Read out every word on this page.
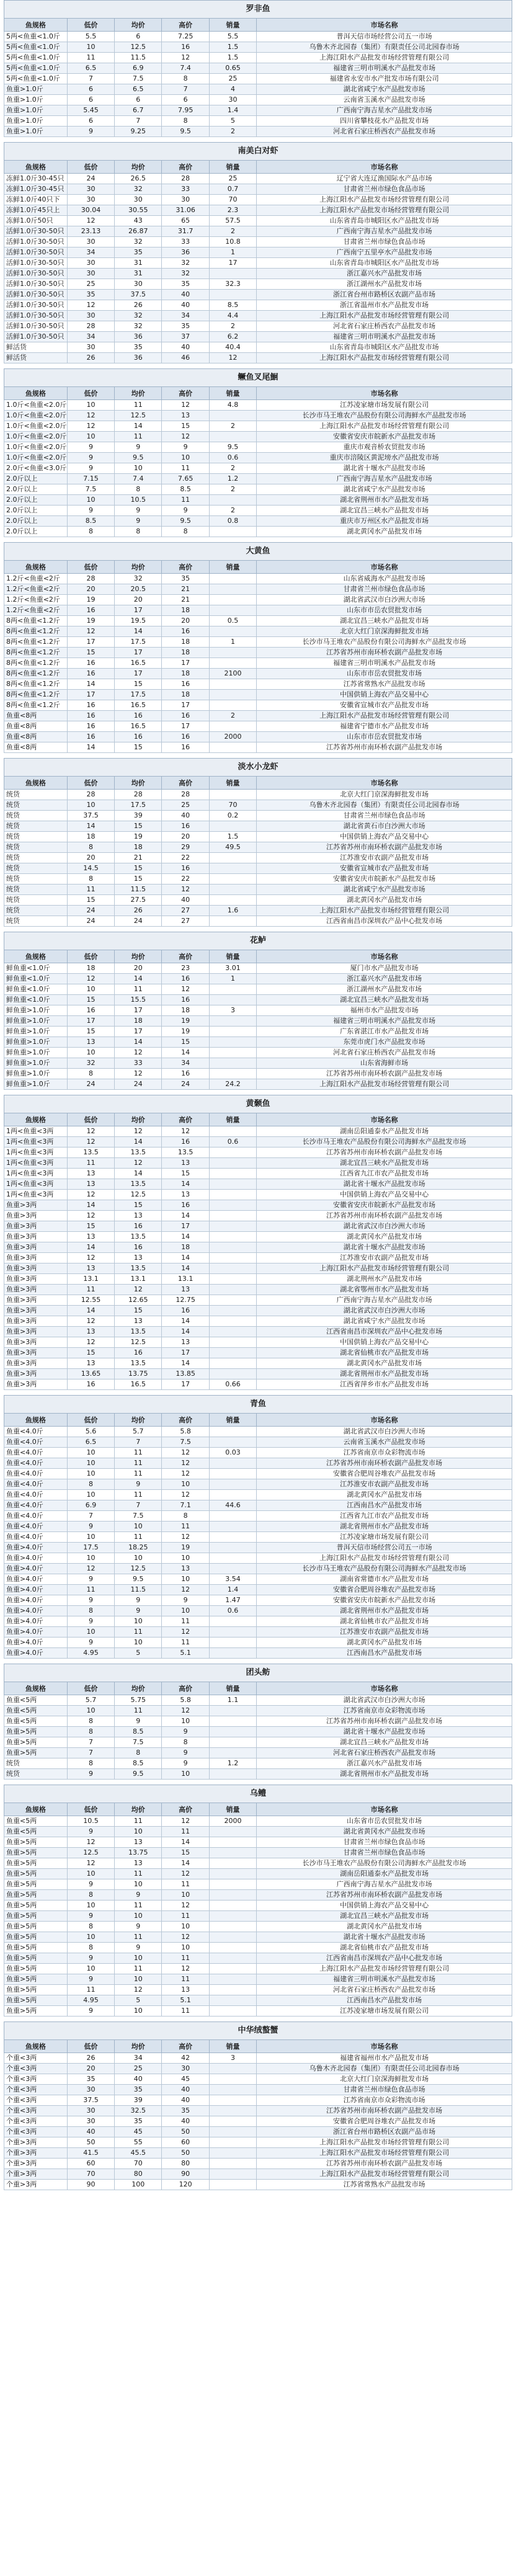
罗非鱼
鱼规格	低价	均价	高价	销量	市场名称
5两<鱼重<1.0斤	5.5	6	7.25	5.5	普洱天信市场经营公司五一市场
5两<鱼重<1.0斤	10	12.5	16	1.5	乌鲁木齐北园春（集团）有限责任公司北园春市场
5两<鱼重<1.0斤	11	11.5	12	1.5	上海江阳水产品批发市场经营管理有限公司
5两<鱼重<1.0斤	6.5	6.9	7.4	0.65	福建省三明市明溪水产品批发市场
5两<鱼重<1.0斤	7	7.5	8	25	福建省永安市水产批发市场有限公司
鱼重>1.0斤	6	6.5	7	4	湖北省咸宁水产品批发市场
鱼重>1.0斤	6	6	6	30	云南省玉溪水产品批发市场
鱼重>1.0斤	5.45	6.7	7.95	1.4	广西南宁海吉星水产品批发市场
鱼重>1.0斤	6	7	8	5	四川省攀枝花水产品批发市场
鱼重>1.0斤	9	9.25	9.5	2	河北省石家庄桥西农产品批发市场
南美白对虾
鱼规格	低价	均价	高价	销量	市场名称
冻鲜1.0斤30-45只	24	26.5	28	25	辽宁省大连辽渔国际水产品市场
冻鲜1.0斤30-45只	30	32	33	0.7	甘肃省兰州市绿色食品市场
冻鲜1.0斤40只下	30	30	30	70	上海江阳水产品批发市场经营管理有限公司
冻鲜1.0斤45只上	30.04	30.55	31.06	2.3	上海江阳水产品批发市场经营管理有限公司
冻鲜1.0斤50只	12	43	65	57.5	山东省青岛市城阳区水产品批发市场
活鲜1.0斤30-50只	23.13	26.87	31.7	2	广西南宁海吉星水产品批发市场
活鲜1.0斤30-50只	30	32	33	10.8	甘肃省兰州市绿色食品市场
活鲜1.0斤30-50只	34	35	36	1	广西南宁五里亭水产品批发市场
活鲜1.0斤30-50只	30	31	32	17	山东省青岛市城阳区水产品批发市场
活鲜1.0斤30-50只	30	31	32		浙江嘉兴水产品批发市场
活鲜1.0斤30-50只	25	30	35	32.3	浙江湖州水产品批发市场
活鲜1.0斤30-50只	35	37.5	40		浙江省台州市路桥区农副产品市场
活鲜1.0斤30-50只	12	26	40	8.5	浙江省温州市水产品批发市场
活鲜1.0斤30-50只	30	32	34	4.4	上海江阳水产品批发市场经营管理有限公司
活鲜1.0斤30-50只	28	32	35	2	河北省石家庄桥西农产品批发市场
活鲜1.0斤30-50只	34	36	37	6.2	福建省三明市明溪水产品批发市场
鲜活货	30	35	40	40.4	山东省青岛市城阳区水产品批发市场
鲜活货	26	36	46	12	上海江阳水产品批发市场经营管理有限公司
鳜鱼叉尾鮰
鱼规格	低价	均价	高价	销量	市场名称
1.0斤<鱼重<2.0斤	10	11	12	4.8	江苏凌家塘市场发展有限公司
1.0斤<鱼重<2.0斤	12	12.5	13		长沙市马王堆农产品股份有限公司海鲜水产品批发市场
1.0斤<鱼重<2.0斤	12	14	15	2	上海江阳水产品批发市场经营管理有限公司
1.0斤<鱼重<2.0斤	10	11	12		安徽省安庆市皖新水产品批发市场
1.0斤<鱼重<2.0斤	9	9	9	9.5	重庆市观音桥农贸批发市场
1.0斤<鱼重<2.0斤	9	9.5	10	0.6	重庆市涪陵区黄泥塝水产品批发市场
2.0斤<鱼重<3.0斤	9	10	11	2	湖北省十堰水产品批发市场
2.0斤以上	7.15	7.4	7.65	1.2	广西南宁海吉星水产品批发市场
2.0斤以上	7.5	8	8.5	2	湖北省咸宁水产品批发市场
2.0斤以上	10	10.5	11		湖北省荆州市水产品批发市场
2.0斤以上	9	9	9	2	湖北宜昌三峡水产品批发市场
2.0斤以上	8.5	9	9.5	0.8	重庆市万州区水产品批发市场
2.0斤以上	8	8	8		湖北黄冈水产品批发市场
大黄鱼
鱼规格	低价	均价	高价	销量	市场名称
1.2斤<鱼重<2斤	28	32	35		山东省威海水产品批发市场
1.2斤<鱼重<2斤	20	20.5	21		甘肃省兰州市绿色食品市场
1.2斤<鱼重<2斤	19	20	21		湖北省武汉市白沙洲大市场
1.2斤<鱼重<2斤	16	17	18		山东市市岳农贸批发市场
8两<鱼重<1.2斤	19	19.5	20	0.5	湖北宜昌三峡水产品批发市场
8两<鱼重<1.2斤	12	14	16		北京大红门京深海鲜批发市场
8两<鱼重<1.2斤	17	17.5	18	1	长沙市马王堆农产品股份有限公司海鲜水产品批发市场
8两<鱼重<1.2斤	15	17	18		江苏省苏州市南环桥农副产品批发市场
8两<鱼重<1.2斤	16	16.5	17		福建省三明市明溪水产品批发市场
8两<鱼重<1.2斤	16	17	18	2100	山东市市岳农贸批发市场
8两<鱼重<1.2斤	14	15	16		江苏省常熟水产品批发市场
8两<鱼重<1.2斤	17	17.5	18		中国供销上海农产品交易中心
8两<鱼重<1.2斤	16	16.5	17		安徽省宣城市农产品批发市场
鱼重<8两	16	16	16	2	上海江阳水产品批发市场经营管理有限公司
鱼重<8两	16	16.5	17		福建省宁德市水产品批发市场
鱼重<8两	16	16	16	2000	山东市市岳农贸批发市场
鱼重<8两	14	15	16		江苏省苏州市南环桥农副产品批发市场
淡水小龙虾
鱼规格	低价	均价	高价	销量	市场名称
统货	28	28	28		北京大红门京深海鲜批发市场
统货	10	17.5	25	70	乌鲁木齐北园春（集团）有限责任公司北园春市场
统货	37.5	39	40	0.2	甘肃省兰州市绿色食品市场
统货	14	15	16		湖北省黄石市白沙洲大市场
统货	18	19	20	1.5	中国供销上海农产品交易中心
统货	8	18	29	49.5	江苏省苏州市南环桥农副产品批发市场
统货	20	21	22		江苏淮安市农副产品批发市场
统货	14.5	15	16		安徽省宣城市农产品批发市场
统货	8	15	22		安徽省安庆市皖新水产品批发市场
统货	11	11.5	12		湖北省咸宁水产品批发市场
统货	15	27.5	40		湖北黄冈水产品批发市场
统货	24	26	27	1.6	上海江阳水产品批发市场经营管理有限公司
统货	24	24	27		江西省南昌市深圳农产品中心批发市场
花鲈
鱼规格	低价	均价	高价	销量	市场名称
鲜鱼重<1.0斤	18	20	23	3.01	厦门市水产品批发市场
鲜鱼重<1.0斤	12	14	16	1	浙江嘉兴水产品批发市场
鲜鱼重<1.0斤	10	11	12		浙江湖州水产品批发市场
鲜鱼重<1.0斤	15	15.5	16		湖北宜昌三峡水产品批发市场
鲜鱼重>1.0斤	16	17	18	3	福州市水产品批发市场
鲜鱼重>1.0斤	17	18	19		福建省三明市明溪水产品批发市场
鲜鱼重>1.0斤	15	17	19		广东省湛江市水产品批发市场
鲜鱼重>1.0斤	13	14	15		东莞市虎门水产品批发市场
鲜鱼重>1.0斤	10	12	14		河北省石家庄桥西农产品批发市场
鲜鱼重>1.0斤	32	33	34		山东省海鲜市场
鲜鱼重>1.0斤	8	12	16		江苏省苏州市南环桥农副产品批发市场
鲜鱼重>1.0斤	24	24	24	24.2	上海江阳水产品批发市场经营管理有限公司
黄颡鱼
鱼规格	低价	均价	高价	销量	市场名称
1两<鱼重<3两	12	12	12		湖南岳阳通泰水产品批发市场
1两<鱼重<3两	12	14	16	0.6	长沙市马王堆农产品股份有限公司海鲜水产品批发市场
1两<鱼重<3两	13.5	13.5	13.5		江苏省苏州市南环桥农副产品批发市场
1两<鱼重<3两	11	12	13		湖北宜昌三峡水产品批发市场
1两<鱼重<3两	13	14	15		江西省九江市农产品批发市场
1两<鱼重<3两	13	13.5	14		湖北省十堰水产品批发市场
1两<鱼重<3两	12	12.5	13		中国供销上海农产品交易中心
鱼重>3两	14	15	16		安徽省安庆市皖新水产品批发市场
鱼重>3两	12	13	14		江苏省苏州市南环桥农副产品批发市场
鱼重>3两	15	16	17		湖北省武汉市白沙洲大市场
鱼重>3两	13	13.5	14		湖北黄冈水产品批发市场
鱼重>3两	14	16	18		湖北省十堰水产品批发市场
鱼重>3两	12	13	14		江苏淮安市农副产品批发市场
鱼重>3两	13	13.5	14		上海江阳水产品批发市场经营管理有限公司
鱼重>3两	13.1	13.1	13.1		湖北荆州水产品批发市场
鱼重>3两	11	12	13		湖北省鄂州市水产品批发市场
鱼重>3两	12.55	12.65	12.75		广西南宁海吉星水产品批发市场
鱼重>3两	14	15	16		湖北省武汉市白沙洲大市场
鱼重>3两	12	13	14		湖北省咸宁水产品批发市场
鱼重>3两	13	13.5	14		江西省南昌市深圳农产品中心批发市场
鱼重>3两	12	12.5	13		中国供销上海农产品交易中心
鱼重>3两	15	16	17		湖北省仙桃市农产品批发市场
鱼重>3两	13	13.5	14		湖北黄冈水产品批发市场
鱼重>3两	13.65	13.75	13.85		湖北省荆州市水产品批发市场
鱼重>3两	16	16.5	17	0.66	江西省萍乡市水产品批发市场
青鱼
鱼规格	低价	均价	高价	销量	市场名称
鱼重<4.0斤	5.6	5.7	5.8		湖北省武汉市白沙洲大市场
鱼重<4.0斤	6.5	7	7.5		云南省玉溪水产品批发市场
鱼重<4.0斤	10	11	12	0.03	江苏省南京市众彩物流市场
鱼重<4.0斤	10	11	12		江苏省苏州市南环桥农副产品批发市场
鱼重<4.0斤	10	11	12		安徽省合肥周谷堆农产品批发市场
鱼重<4.0斤	8	9	10		江苏淮安市农副产品批发市场
鱼重<4.0斤	10	11	12		湖北黄冈水产品批发市场
鱼重<4.0斤	6.9	7	7.1	44.6	江西南昌水产品批发市场
鱼重<4.0斤	7	7.5	8		江西省九江市农产品批发市场
鱼重<4.0斤	9	10	11		湖北省荆州市水产品批发市场
鱼重<4.0斤	10	11	12		江苏凌家塘市场发展有限公司
鱼重>4.0斤	17.5	18.25	19		普洱天信市场经营公司五一市场
鱼重>4.0斤	10	10	10		上海江阳水产品批发市场经营管理有限公司
鱼重>4.0斤	12	12.5	13		长沙市马王堆农产品股份有限公司海鲜水产品批发市场
鱼重>4.0斤	9	9.5	10	3.54	湖南省常德市水产品批发市场
鱼重>4.0斤	11	11.5	12	1.4	安徽省合肥周谷堆农产品批发市场
鱼重>4.0斤	9	9	9	1.47	安徽省安庆市皖新水产品批发市场
鱼重>4.0斤	8	9	10	0.6	湖北省荆州市水产品批发市场
鱼重>4.0斤	9	10	11		湖北省仙桃市农产品批发市场
鱼重>4.0斤	10	11	12		江苏淮安市农副产品批发市场
鱼重>4.0斤	9	10	11		湖北黄冈水产品批发市场
鱼重>4.0斤	4.95	5	5.1		江西南昌水产品批发市场
团头鲂
鱼规格	低价	均价	高价	销量	市场名称
鱼重<5两	5.7	5.75	5.8	1.1	湖北省武汉市白沙洲大市场
鱼重<5两	10	11	12		江苏省南京市众彩物流市场
鱼重<5两	8	9	10		江苏省苏州市南环桥农副产品批发市场
鱼重>5两	8	8.5	9		湖北省十堰水产品批发市场
鱼重>5两	7	7.5	8		湖北宜昌三峡水产品批发市场
鱼重>5两	7	8	9		河北省石家庄桥西农产品批发市场
统货	8	8.5	9	1.2	浙江嘉兴水产品批发市场
统货	9	9.5	10		湖北省荆州市水产品批发市场
乌鳢
鱼规格	低价	均价	高价	销量	市场名称
鱼重<5两	10.5	11	12	2000	山东省市岳农贸批发市场
鱼重<5两	9	10	11		湖北省黄冈水产品批发市场
鱼重>5两	12	13	14		甘肃省兰州市绿色食品市场
鱼重>5两	12.5	13.75	15		甘肃省兰州市绿色食品市场
鱼重>5两	12	13	14		长沙市马王堆农产品股份有限公司海鲜水产品批发市场
鱼重>5两	10	11	12		湖南岳阳通泰水产品批发市场
鱼重>5两	9	10	11		广西南宁海吉星水产品批发市场
鱼重>5两	8	9	10		江苏省苏州市南环桥农副产品批发市场
鱼重>5两	10	11	12		中国供销上海农产品交易中心
鱼重>5两	9	10	11		湖北宜昌三峡水产品批发市场
鱼重>5两	8	9	10		湖北黄冈水产品批发市场
鱼重>5两	10	11	12		湖北省十堰水产品批发市场
鱼重>5两	8	9	10		湖北省仙桃市农产品批发市场
鱼重>5两	9	10	11		江西省南昌市深圳农产品中心批发市场
鱼重>5两	10	11	12		上海江阳水产品批发市场经营管理有限公司
鱼重>5两	9	10	11		福建省三明市明溪水产品批发市场
鱼重>5两	11	12	13		河北省石家庄桥西农产品批发市场
鱼重>5两	4.95	5	5.1		江西南昌水产品批发市场
鱼重>5两	9	10	11		江苏凌家塘市场发展有限公司
中华绒螯蟹
鱼规格	低价	均价	高价	销量	市场名称
个重<3两	26	34	42	3	福建省福州市水产品批发市场
个重<3两	20	25	30		乌鲁木齐北园春（集团）有限责任公司北园春市场
个重<3两	35	40	45		北京大红门京深海鲜批发市场
个重<3两	30	35	40		甘肃省兰州市绿色食品市场
个重<3两	37.5	39	40		江苏省南京市众彩物流市场
个重<3两	30	32.5	35		江苏省苏州市南环桥农副产品批发市场
个重<3两	30	35	40		安徽省合肥周谷堆农产品批发市场
个重<3两	40	45	50		浙江省台州市路桥区农副产品市场
个重>3两	50	55	60		上海江阳水产品批发市场经营管理有限公司
个重>3两	41.5	45.5	50		上海江阳水产品批发市场经营管理有限公司
个重>3两	60	70	80		江苏省苏州市南环桥农副产品批发市场
个重>3两	70	80	90		上海江阳水产品批发市场经营管理有限公司
个重>3两	90	100	120		江苏省常熟水产品批发市场
